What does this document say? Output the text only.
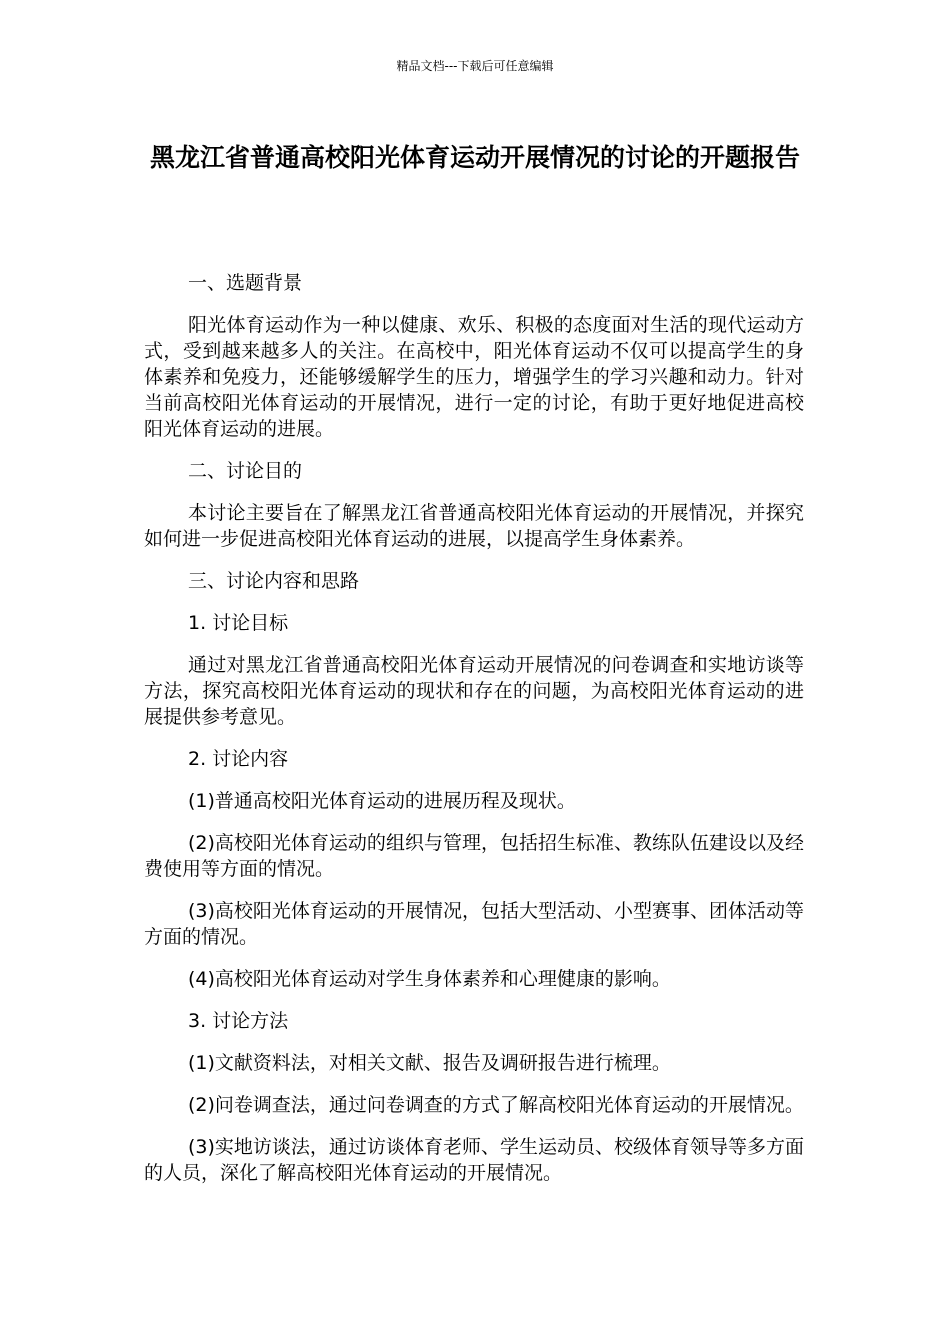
精品文档---下载后可任意编辑
黑龙江省普通高校阳光体育运动开展情况的讨论的开题报告

一、选题背景

阳光体育运动作为一种以健康、欢乐、积极的态度面对生活的现代运动方式，受到越来越多人的关注。在高校中，阳光体育运动不仅可以提高学生的身体素养和免疫力，还能够缓解学生的压力，增强学生的学习兴趣和动力。针对当前高校阳光体育运动的开展情况，进行一定的讨论，有助于更好地促进高校阳光体育运动的进展。

二、讨论目的

本讨论主要旨在了解黑龙江省普通高校阳光体育运动的开展情况，并探究如何进一步促进高校阳光体育运动的进展，以提高学生身体素养。

三、讨论内容和思路

1. 讨论目标

通过对黑龙江省普通高校阳光体育运动开展情况的问卷调查和实地访谈等方法，探究高校阳光体育运动的现状和存在的问题，为高校阳光体育运动的进展提供参考意见。

2. 讨论内容

(1)普通高校阳光体育运动的进展历程及现状。

(2)高校阳光体育运动的组织与管理，包括招生标准、教练队伍建设以及经费使用等方面的情况。

(3)高校阳光体育运动的开展情况，包括大型活动、小型赛事、团体活动等方面的情况。

(4)高校阳光体育运动对学生身体素养和心理健康的影响。

3. 讨论方法

(1)文献资料法，对相关文献、报告及调研报告进行梳理。

(2)问卷调查法，通过问卷调查的方式了解高校阳光体育运动的开展情况。

(3)实地访谈法，通过访谈体育老师、学生运动员、校级体育领导等多方面的人员，深化了解高校阳光体育运动的开展情况。
